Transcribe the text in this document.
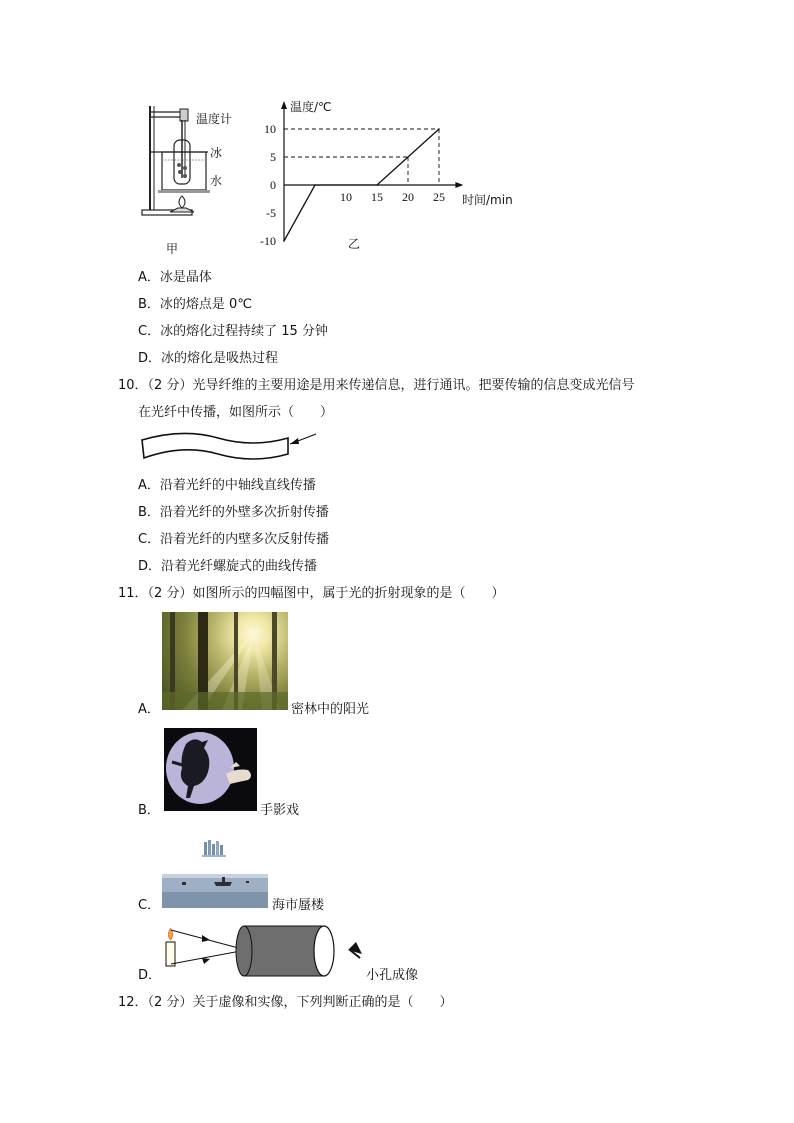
温度计
冰
水
甲
10
5
0
-5
-10
10 15 20 25
温度/℃
时间/min
乙
A．冰是晶体
B．冰的熔点是 0℃
C．冰的熔化过程持续了 15 分钟
D．冰的熔化是吸热过程
10．（2 分）光导纤维的主要用途是用来传递信息，进行通讯。把要传输的信息变成光信号
在光纤中传播，如图所示（　　）
A．沿着光纤的中轴线直线传播
B．沿着光纤的外壁多次折射传播
C．沿着光纤的内壁多次反射传播
D．沿着光纤螺旋式的曲线传播
11．（2 分）如图所示的四幅图中，属于光的折射现象的是（　　）
A．	密林中的阳光
B．	手影戏
C．	海市蜃楼
D．	小孔成像
12．（2 分）关于虚像和实像，下列判断正确的是（　　）
